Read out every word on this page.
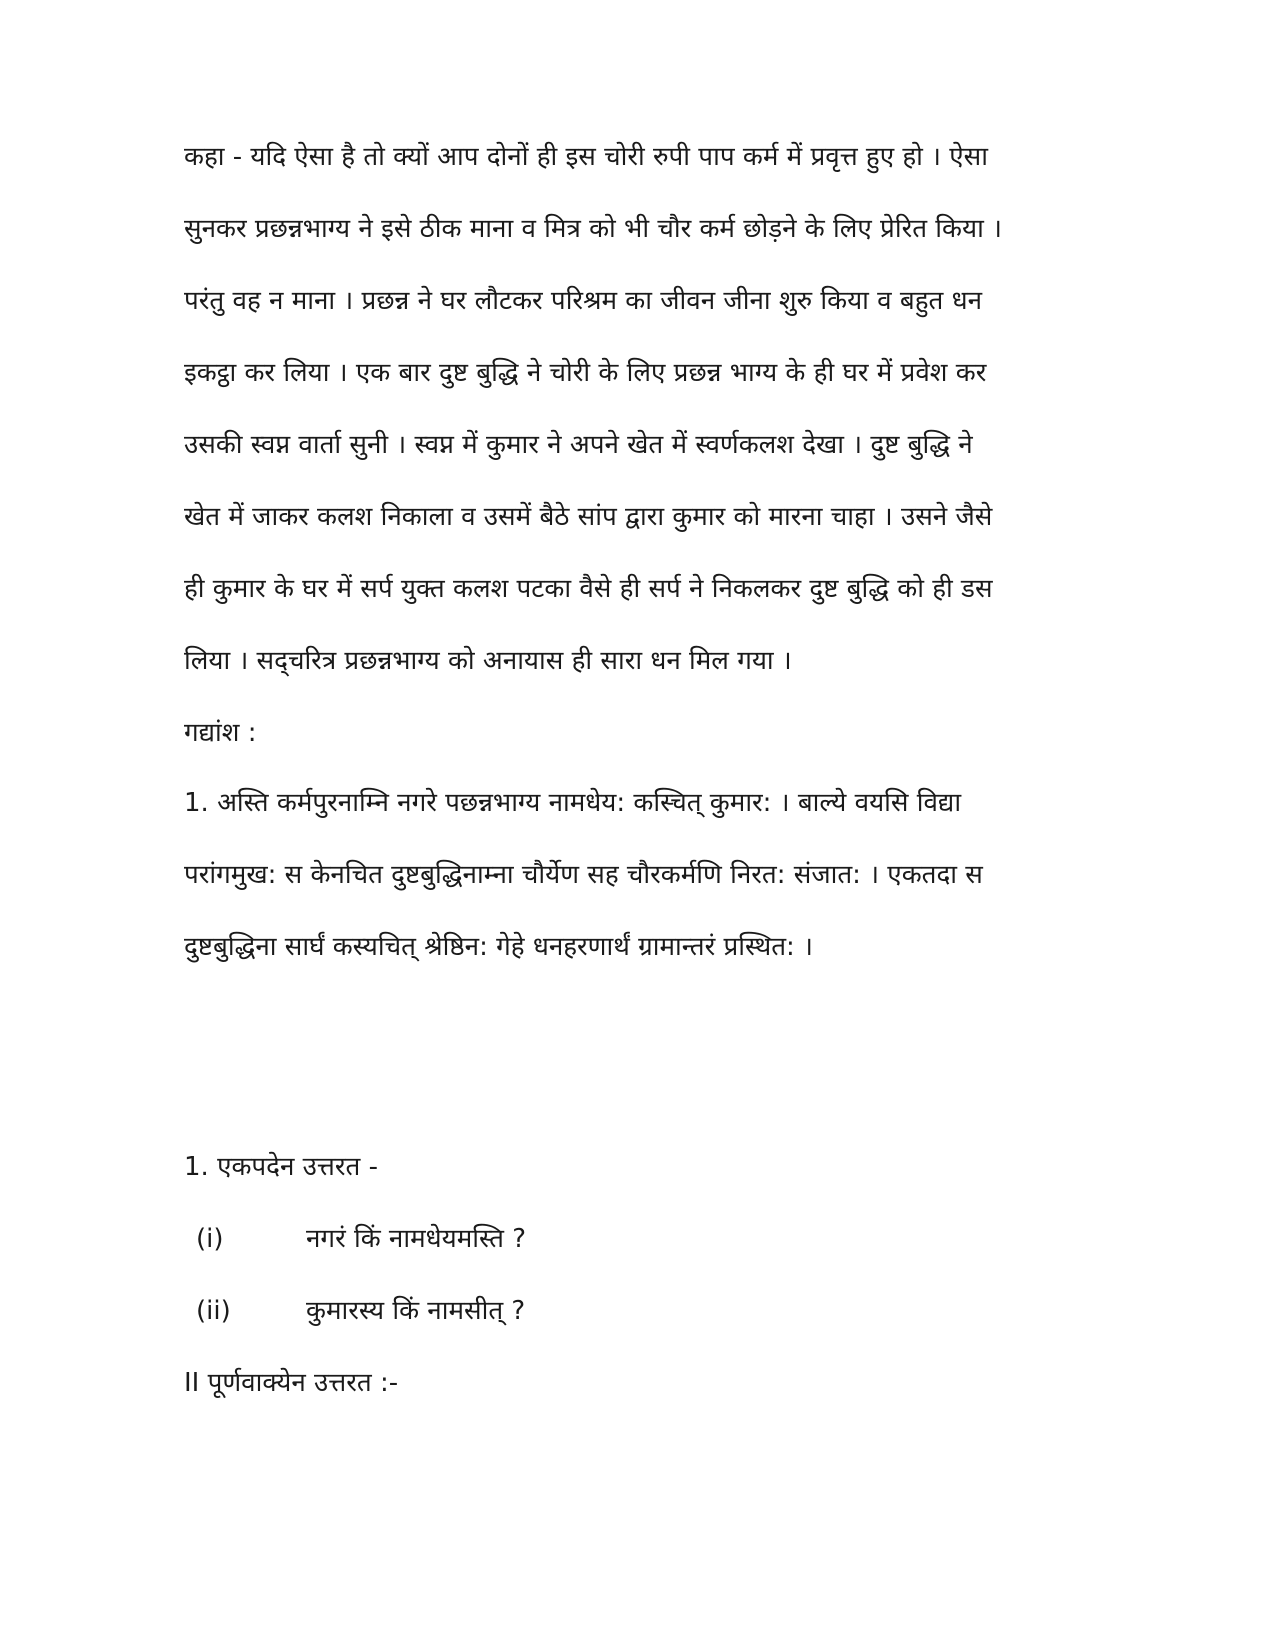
कहा - यदि ऐसा है तो क्यों आप दोनों ही इस चोरी रुपी पाप कर्म में प्रवृत्त हुए हो । ऐसा
सुनकर प्रछन्नभाग्य ने इसे ठीक माना व मित्र को भी चौर कर्म छोड़ने के लिए प्रेरित किया ।
परंतु वह न माना । प्रछन्न ने घर लौटकर परिश्रम का जीवन जीना शुरु किया व बहुत धन
इकट्ठा कर लिया । एक बार दुष्ट बुद्धि ने चोरी के लिए प्रछन्न भाग्य के ही घर में प्रवेश कर
उसकी स्वप्न वार्ता सुनी । स्वप्न में कुमार ने अपने खेत में स्वर्णकलश देखा । दुष्ट बुद्धि ने
खेत में जाकर कलश निकाला व उसमें बैठे सांप द्वारा कुमार को मारना चाहा । उसने जैसे
ही कुमार के घर में सर्प युक्त कलश पटका वैसे ही सर्प ने निकलकर दुष्ट बुद्धि को ही डस
लिया । सद्‌चरित्र प्रछन्नभाग्य को अनायास ही सारा धन मिल गया ।
गद्यांश :
1. अस्ति कर्मपुरनाम्नि नगरे पछन्नभाग्य नामधेय: कस्चित् कुमार: । बाल्ये वयसि विद्या
परांगमुख: स केनचित दुष्टबुद्धिनाम्ना चौर्येण सह चौरकर्मणि निरत: संजात: । एकतदा स
दुष्टबुद्धिना सार्घं कस्यचित् श्रेष्ठिन: गेहे धनहरणार्थं ग्रामान्तरं प्रस्थित: ।
1. एकपदेन उत्तरत -
(i)	नगरं किं नामधेयमस्ति ?
(ii)	कुमारस्य किं नामसीत् ?
II पूर्णवाक्येन उत्तरत :-
